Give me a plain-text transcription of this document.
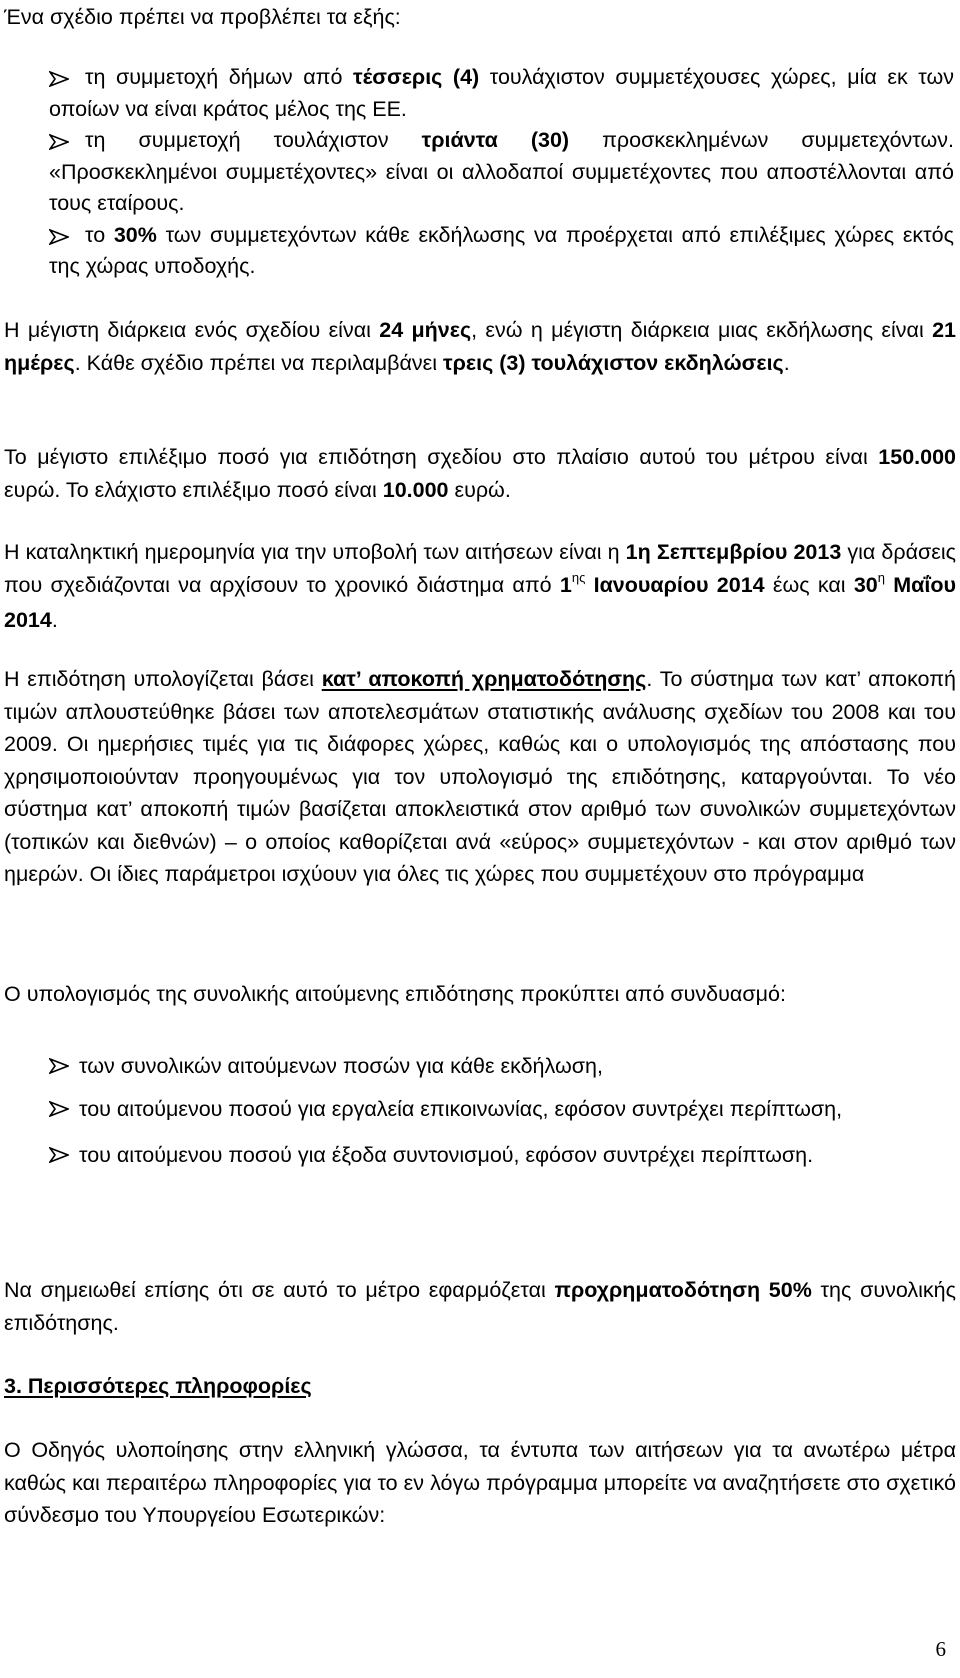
Ένα σχέδιο πρέπει να προβλέπει τα εξής:
τη συμμετοχή δήμων από τέσσερις (4) τουλάχιστον συμμετέχουσες χώρες, μία εκ των οποίων να είναι κράτος μέλος της ΕΕ.
τη συμμετοχή τουλάχιστον τριάντα (30) προσκεκλημένων συμμετεχόντων. «Προσκεκλημένοι συμμετέχοντες» είναι οι αλλοδαποί συμμετέχοντες που αποστέλλονται από τους εταίρους.
το 30% των συμμετεχόντων κάθε εκδήλωσης να προέρχεται από επιλέξιμες χώρες εκτός της χώρας υποδοχής.
Η μέγιστη διάρκεια ενός σχεδίου είναι 24 μήνες, ενώ η μέγιστη διάρκεια μιας εκδήλωσης είναι 21 ημέρες. Κάθε σχέδιο πρέπει να περιλαμβάνει τρεις (3) τουλάχιστον εκδηλώσεις.
Το μέγιστο επιλέξιμο ποσό για επιδότηση σχεδίου στο πλαίσιο αυτού του μέτρου είναι 150.000 ευρώ. Το ελάχιστο επιλέξιμο ποσό είναι 10.000 ευρώ.
Η καταληκτική ημερομηνία για την υποβολή των αιτήσεων είναι η 1η Σεπτεμβρίου 2013 για δράσεις που σχεδιάζονται να αρχίσουν το χρονικό διάστημα από $1^{\eta\varsigma}$ Ιανουαρίου 2014 έως και $30^\eta$ Μαΐου 2014.
Η επιδότηση υπολογίζεται βάσει κατ’ αποκοπή χρηματοδότησης. Το σύστημα των κατ’ αποκοπή τιμών απλουστεύθηκε βάσει των αποτελεσμάτων στατιστικής ανάλυσης σχεδίων του 2008 και του 2009. Οι ημερήσιες τιμές για τις διάφορες χώρες, καθώς και ο υπολογισμός της απόστασης που χρησιμοποιούνταν προηγουμένως για τον υπολογισμό της επιδότησης, καταργούνται. Το νέο σύστημα κατ’ αποκοπή τιμών βασίζεται αποκλειστικά στον αριθμό των συνολικών συμμετεχόντων (τοπικών και διεθνών) – ο οποίος καθορίζεται ανά «εύρος» συμμετεχόντων - και στον αριθμό των ημερών. Οι ίδιες παράμετροι ισχύουν για όλες τις χώρες που συμμετέχουν στο πρόγραμμα
Ο υπολογισμός της συνολικής αιτούμενης επιδότησης προκύπτει από συνδυασμό:
των συνολικών αιτούμενων ποσών για κάθε εκδήλωση,
του αιτούμενου ποσού για εργαλεία επικοινωνίας, εφόσον συντρέχει περίπτωση,
του αιτούμενου ποσού για έξοδα συντονισμού, εφόσον συντρέχει περίπτωση.
Να σημειωθεί επίσης ότι σε αυτό το μέτρο εφαρμόζεται προχρηματοδότηση 50% της συνολικής επιδότησης.
3. Περισσότερες πληροφορίες
Ο Οδηγός υλοποίησης στην ελληνική γλώσσα, τα έντυπα των αιτήσεων για τα ανωτέρω μέτρα καθώς και περαιτέρω πληροφορίες για το εν λόγω πρόγραμμα μπορείτε να αναζητήσετε στο σχετικό σύνδεσμο του Υπουργείου Εσωτερικών:
6
